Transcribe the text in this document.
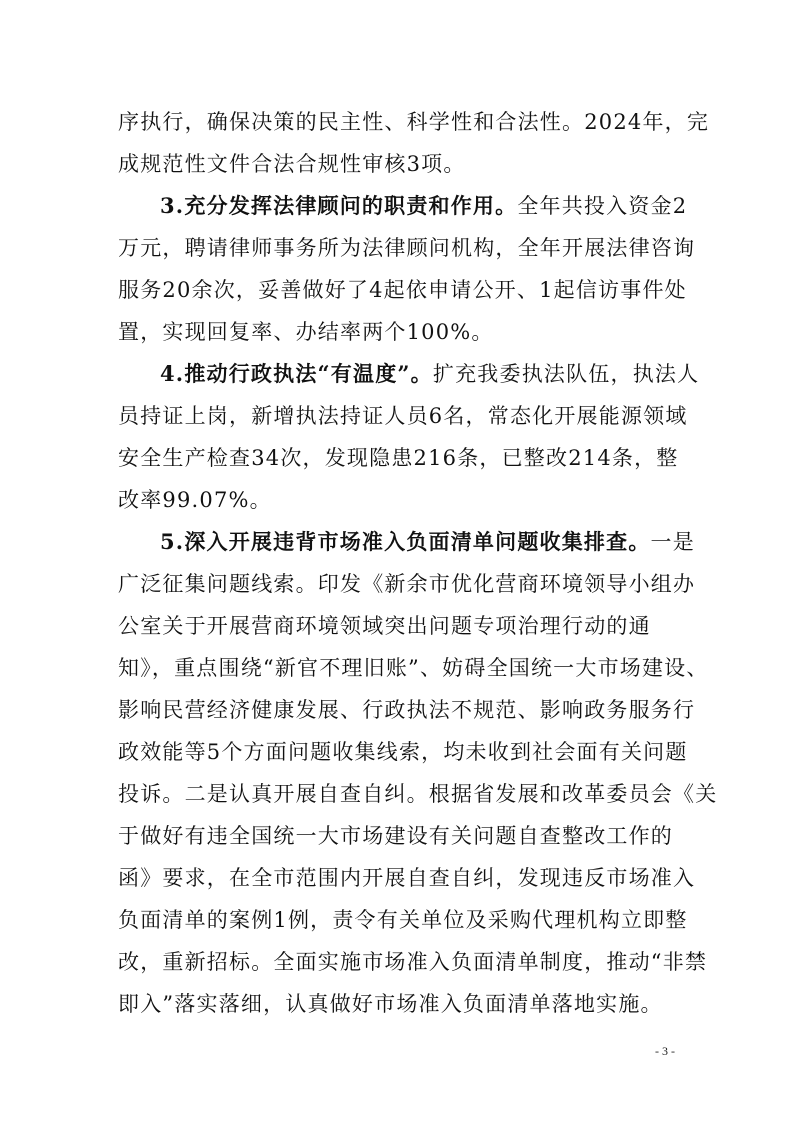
序执行，确保决策的民主性、科学性和合法性。2024年，完
成规范性文件合法合规性审核3项。
3.充分发挥法律顾问的职责和作用。全年共投入资金2
万元，聘请律师事务所为法律顾问机构，全年开展法律咨询
服务20余次，妥善做好了4起依申请公开、1起信访事件处
置，实现回复率、办结率两个100%。
4.推动行政执法“有温度”。扩充我委执法队伍，执法人
员持证上岗，新增执法持证人员6名，常态化开展能源领域
安全生产检查34次，发现隐患216条，已整改214条，整
改率99.07%。
5.深入开展违背市场准入负面清单问题收集排查。一是
广泛征集问题线索。印发《新余市优化营商环境领导小组办
公室关于开展营商环境领域突出问题专项治理行动的通
知》，重点围绕“新官不理旧账”、妨碍全国统一大市场建设、
影响民营经济健康发展、行政执法不规范、影响政务服务行
政效能等5个方面问题收集线索，均未收到社会面有关问题
投诉。二是认真开展自查自纠。根据省发展和改革委员会《关
于做好有违全国统一大市场建设有关问题自查整改工作的
函》要求，在全市范围内开展自查自纠，发现违反市场准入
负面清单的案例1例，责令有关单位及采购代理机构立即整
改，重新招标。全面实施市场准入负面清单制度，推动“非禁
即入”落实落细，认真做好市场准入负面清单落地实施。
- 3 -
